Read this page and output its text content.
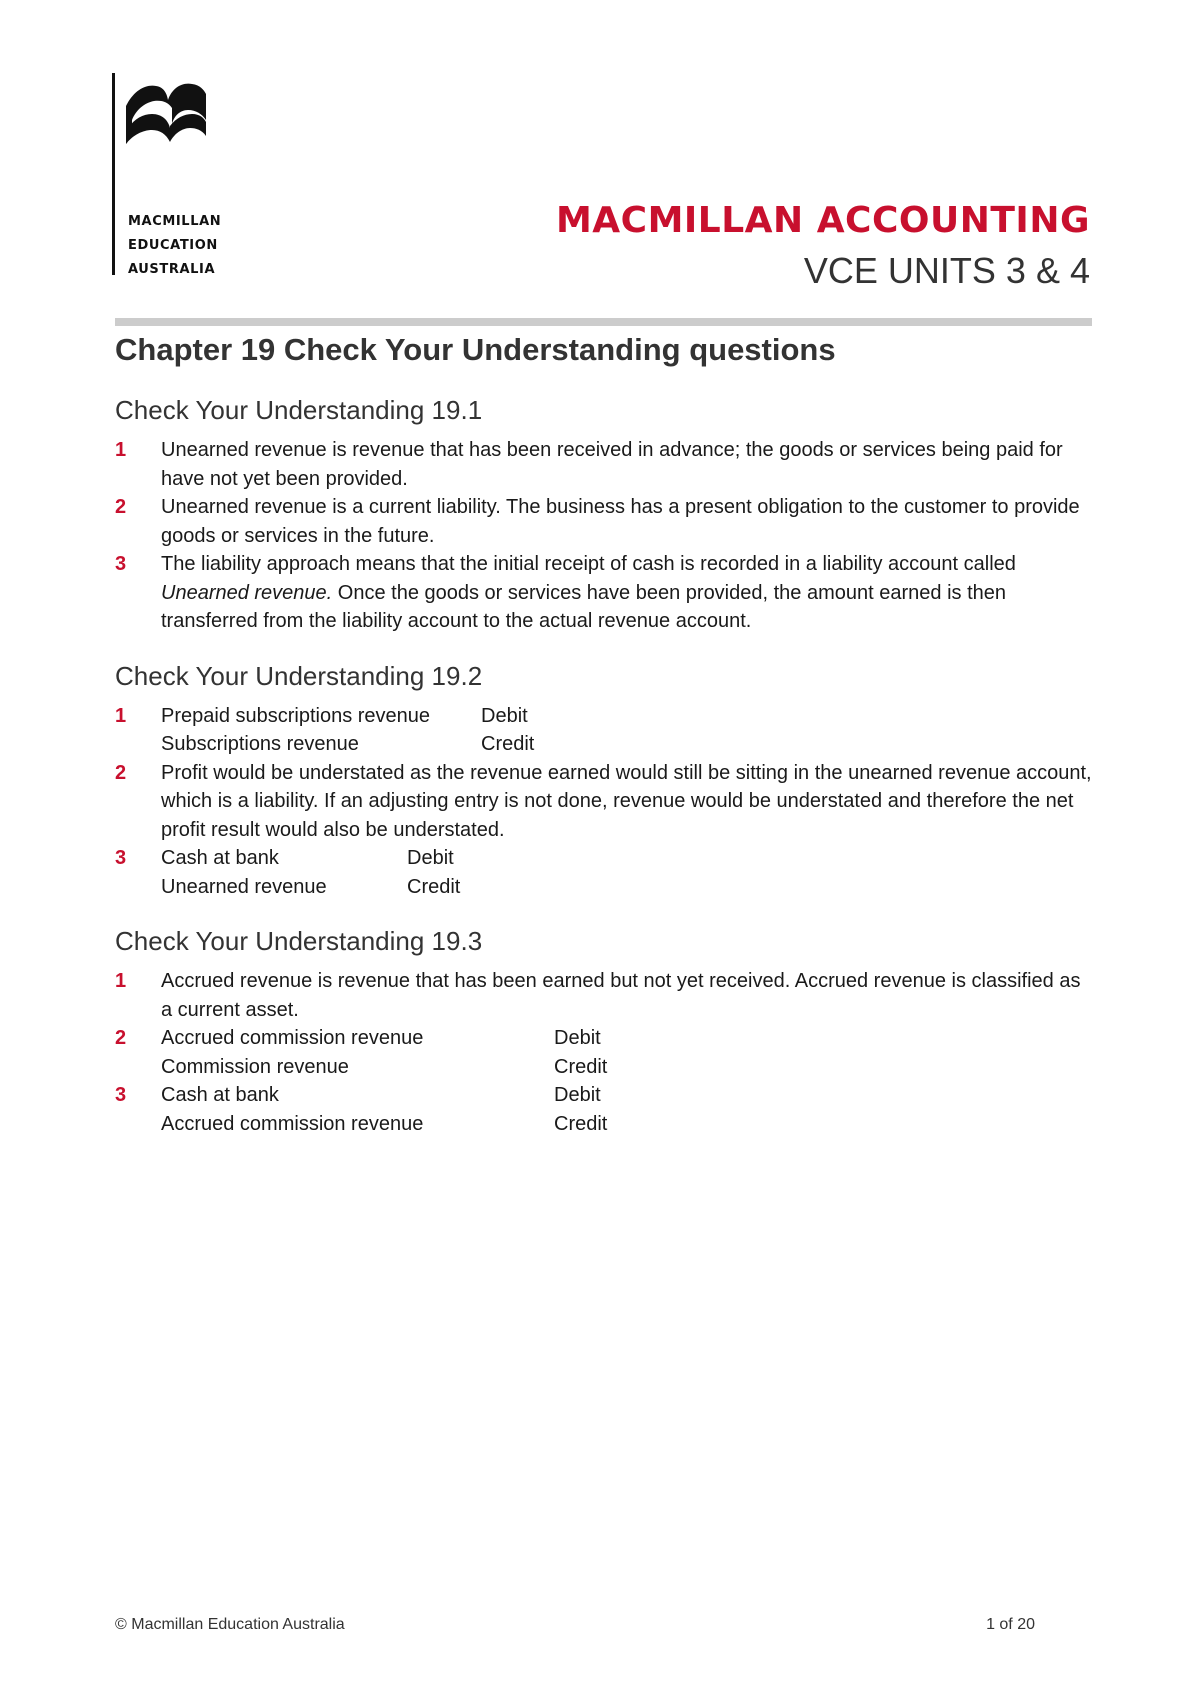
MACMILLAN
EDUCATION
AUSTRALIA
MACMILLAN ACCOUNTING
VCE UNITS 3 & 4
Chapter 19 Check Your Understanding questions
Check Your Understanding 19.1
1	Unearned revenue is revenue that has been received in advance; the goods or services being paid for have not yet been provided.
2	Unearned revenue is a current liability. The business has a present obligation to the customer to provide goods or services in the future.
3	The liability approach means that the initial receipt of cash is recorded in a liability account called Unearned revenue. Once the goods or services have been provided, the amount earned is then transferred from the liability account to the actual revenue account.
Check Your Understanding 19.2
1	Prepaid subscriptions revenue	Debit
Subscriptions revenue	Credit
2	Profit would be understated as the revenue earned would still be sitting in the unearned revenue account, which is a liability. If an adjusting entry is not done, revenue would be understated and therefore the net profit result would also be understated.
3	Cash at bank	Debit
Unearned revenue	Credit
Check Your Understanding 19.3
1	Accrued revenue is revenue that has been earned but not yet received. Accrued revenue is classified as a current asset.
2	Accrued commission revenue	Debit
Commission revenue	Credit
3	Cash at bank	Debit
Accrued commission revenue	Credit
© Macmillan Education Australia	1 of 20
